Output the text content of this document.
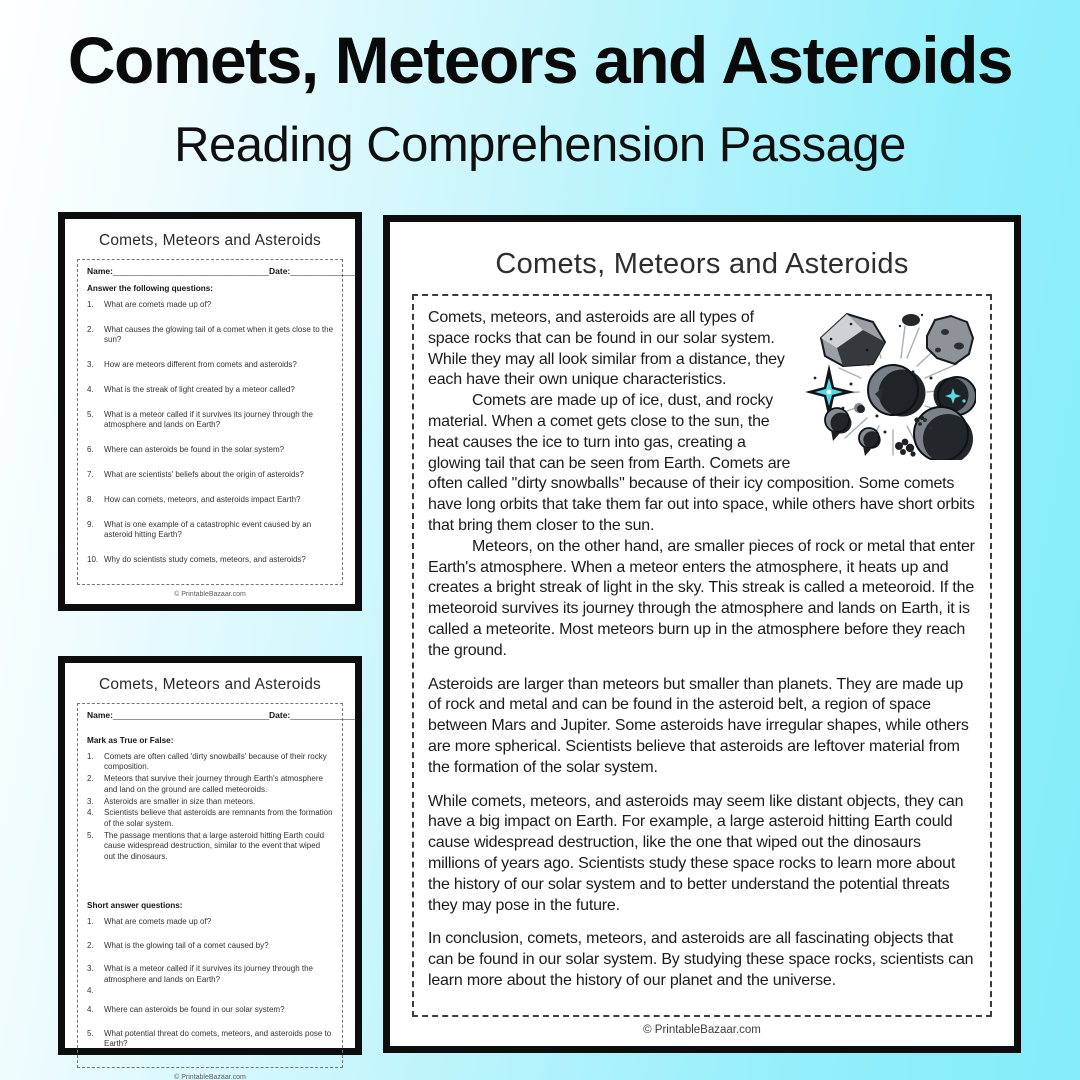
Comets, Meteors and Asteroids
Reading Comprehension Passage
Comets, Meteors and Asteroids
Name:_________________________________ Date:______________
Answer the following questions:
1.	What are comets made up of?
2.	What causes the glowing tail of a comet when it gets close to the sun?
3.	How are meteors different from comets and asteroids?
4.	What is the streak of light created by a meteor called?
5.	What is a meteor called if it survives its journey through the atmosphere and lands on Earth?
6.	Where can asteroids be found in the solar system?
7.	What are scientists' beliefs about the origin of asteroids?
8.	How can comets, meteors, and asteroids impact Earth?
9.	What is one example of a catastrophic event caused by an asteroid hitting Earth?
10. Why do scientists study comets, meteors, and asteroids?
© PrintableBazaar.com
Comets, Meteors and Asteroids
Name:_________________________________ Date:______________
Mark as True or False:
1.	Comets are often called 'dirty snowballs' because of their rocky composition.
2.	Meteors that survive their journey through Earth's atmosphere and land on the ground are called meteoroids.
3.	Asteroids are smaller in size than meteors.
4.	Scientists believe that asteroids are remnants from the formation of the solar system.
5.	The passage mentions that a large asteroid hitting Earth could cause widespread destruction, similar to the event that wiped out the dinosaurs.
Short answer questions:
1.	What are comets made up of?
2.	What is the glowing tail of a comet caused by?
3.	What is a meteor called if it survives its journey through the atmosphere and lands on Earth?
4.
4.	Where can asteroids be found in our solar system?
5.	What potential threat do comets, meteors, and asteroids pose to Earth?
© PrintableBazaar.com
Comets, Meteors and Asteroids

Comets, meteors, and asteroids are all types of space rocks that can be found in our solar system. While they may all look similar from a distance, they each have their own unique characteristics.

Comets are made up of ice, dust, and rocky material. When a comet gets close to the sun, the heat causes the ice to turn into gas, creating a glowing tail that can be seen from Earth. Comets are often called "dirty snowballs" because of their icy composition. Some comets have long orbits that take them far out into space, while others have short orbits that bring them closer to the sun.

Meteors, on the other hand, are smaller pieces of rock or metal that enter Earth's atmosphere. When a meteor enters the atmosphere, it heats up and creates a bright streak of light in the sky. This streak is called a meteoroid. If the meteoroid survives its journey through the atmosphere and lands on Earth, it is called a meteorite. Most meteors burn up in the atmosphere before they reach the ground.

Asteroids are larger than meteors but smaller than planets. They are made up of rock and metal and can be found in the asteroid belt, a region of space between Mars and Jupiter. Some asteroids have irregular shapes, while others are more spherical. Scientists believe that asteroids are leftover material from the formation of the solar system.

While comets, meteors, and asteroids may seem like distant objects, they can have a big impact on Earth. For example, a large asteroid hitting Earth could cause widespread destruction, like the one that wiped out the dinosaurs millions of years ago. Scientists study these space rocks to learn more about the history of our solar system and to better understand the potential threats they may pose in the future.

In conclusion, comets, meteors, and asteroids are all fascinating objects that can be found in our solar system. By studying these space rocks, scientists can learn more about the history of our planet and the universe.

© PrintableBazaar.com
